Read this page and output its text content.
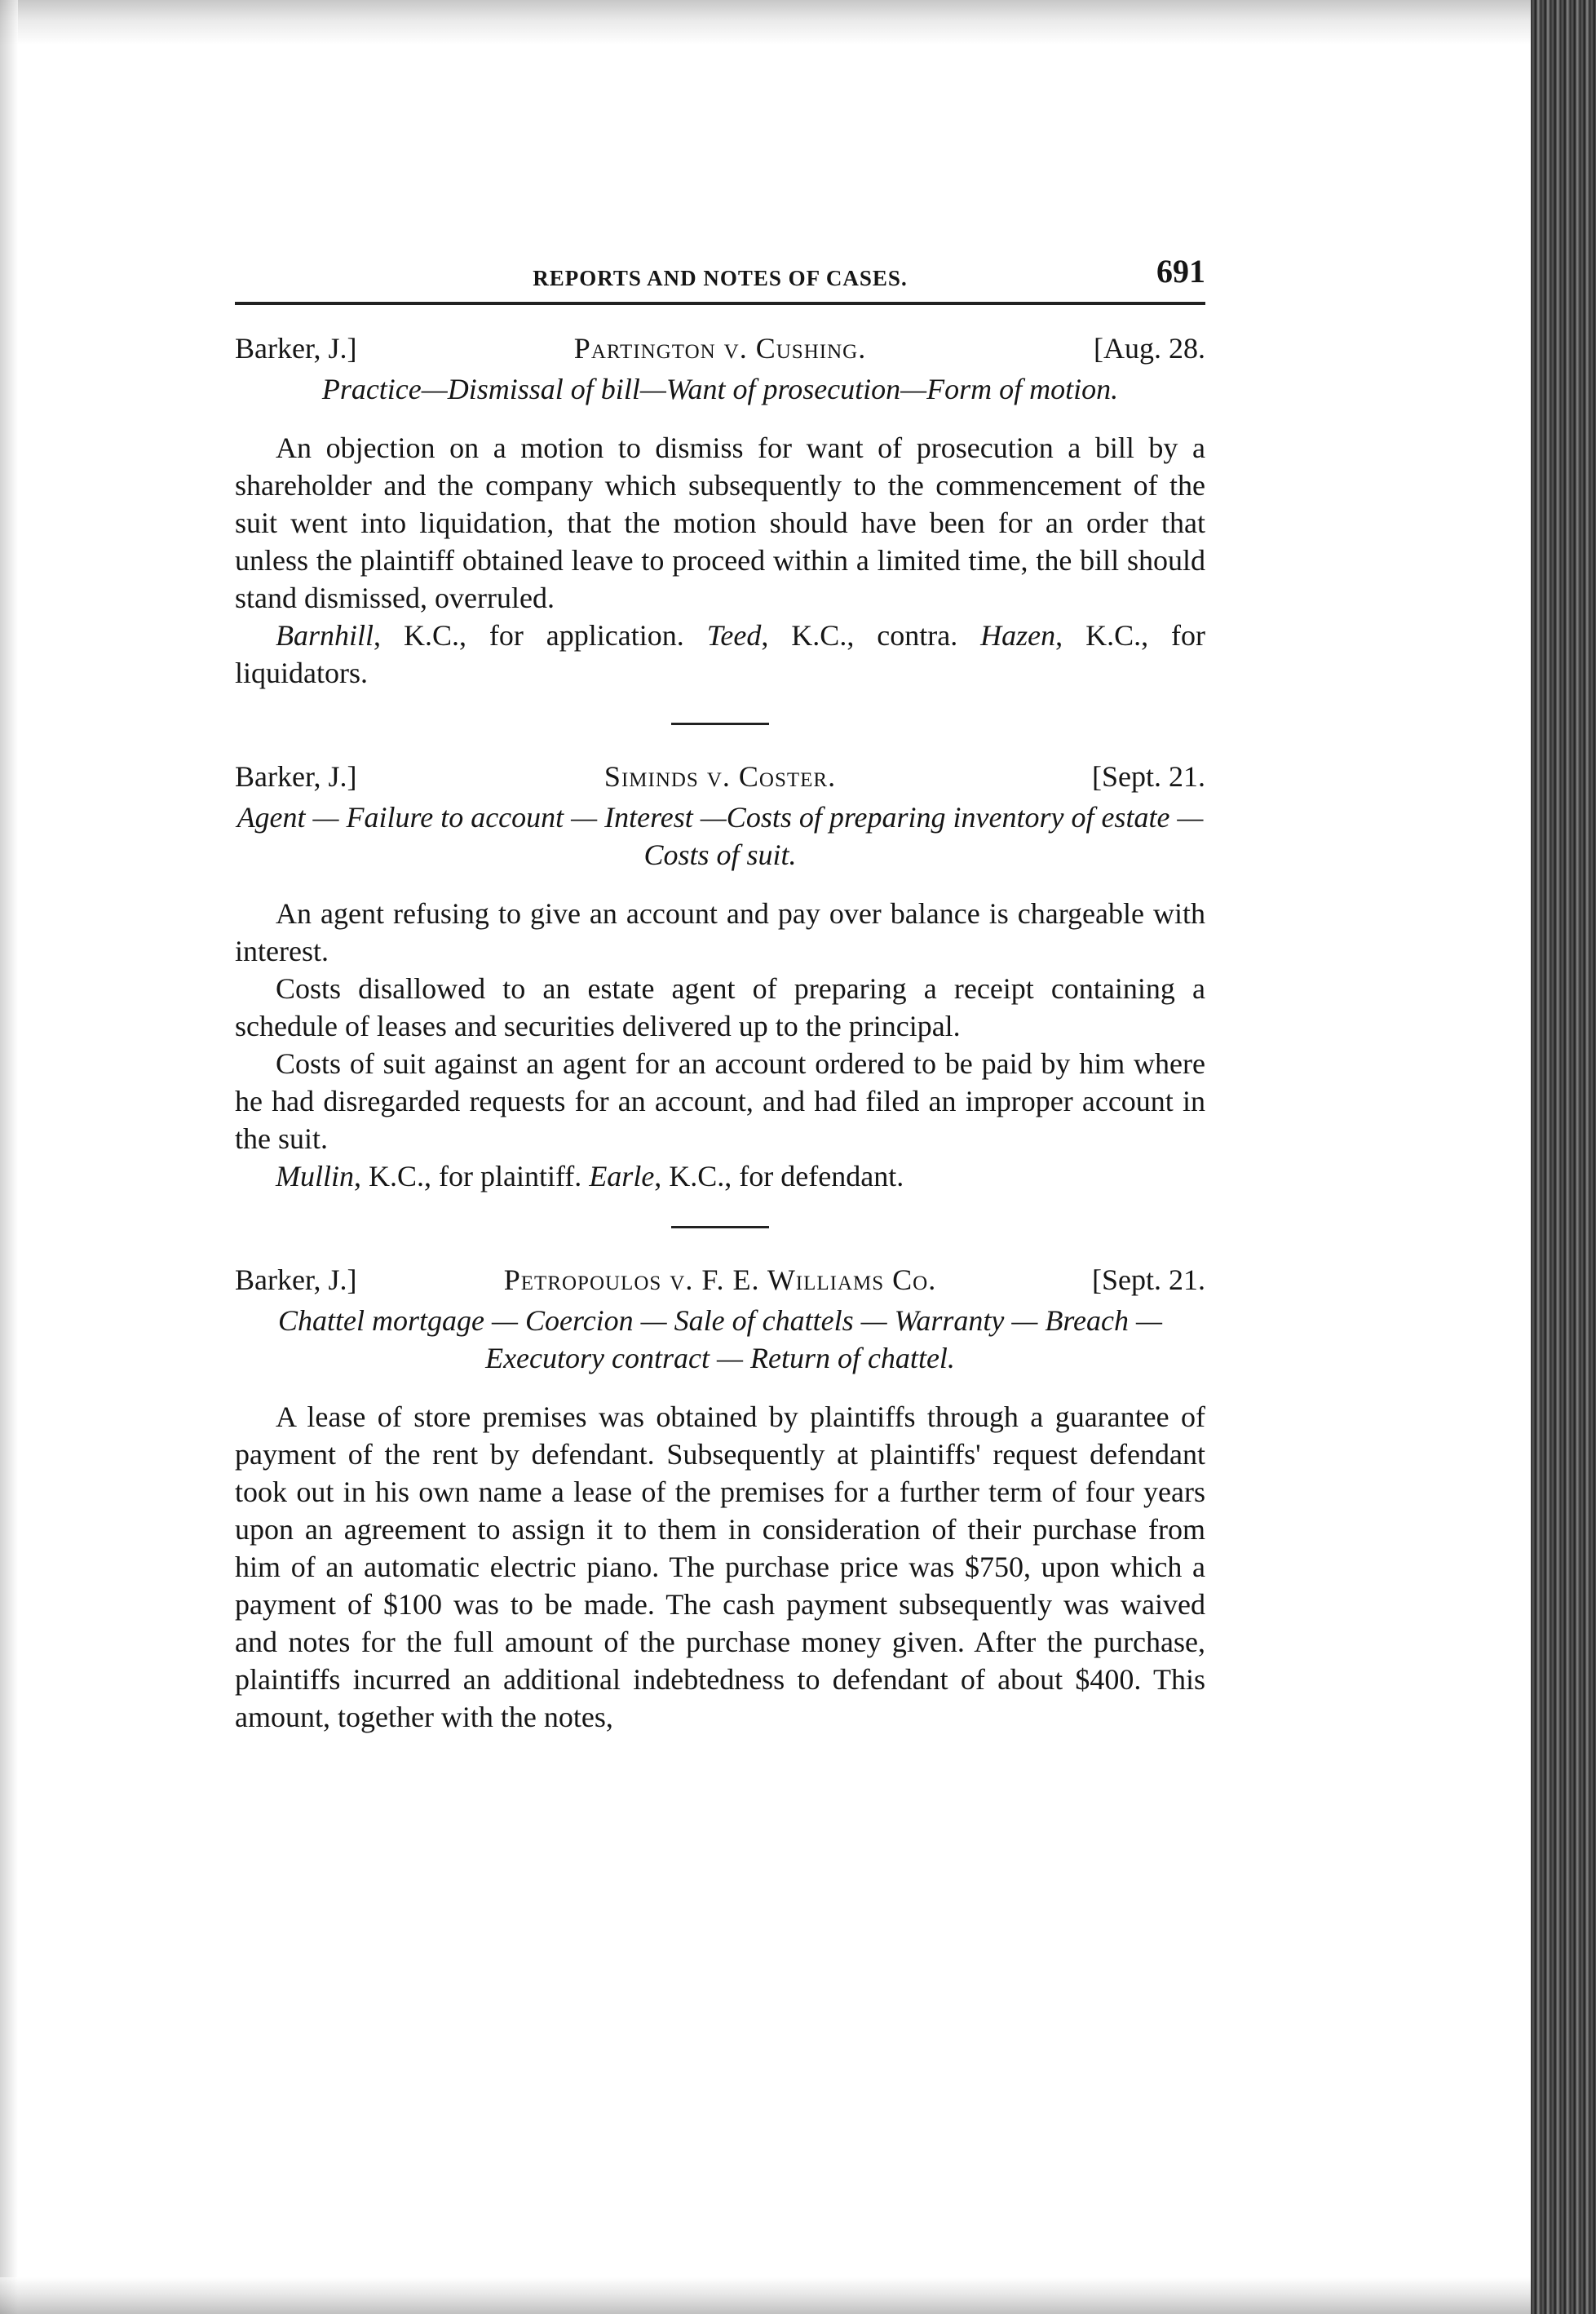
REPORTS AND NOTES OF CASES.	691
Barker, J.]	Partington v. Cushing.	[Aug. 28.

Practice—Dismissal of bill—Want of prosecution—Form of motion.

An objection on a motion to dismiss for want of prosecution a bill by a shareholder and the company which subsequently to the commencement of the suit went into liquidation, that the motion should have been for an order that unless the plaintiff obtained leave to proceed within a limited time, the bill should stand dismissed, overruled.

Barnhill, K.C., for application. Teed, K.C., contra. Hazen, K.C., for liquidators.

Barker, J.]	Siminds v. Coster.	[Sept. 21.

Agent — Failure to account — Interest —Costs of preparing inventory of estate — Costs of suit.

An agent refusing to give an account and pay over balance is chargeable with interest.

Costs disallowed to an estate agent of preparing a receipt containing a schedule of leases and securities delivered up to the principal.

Costs of suit against an agent for an account ordered to be paid by him where he had disregarded requests for an account, and had filed an improper account in the suit.

Mullin, K.C., for plaintiff. Earle, K.C., for defendant.

Barker, J.]	Petropoulos v. F. E. Williams Co.	[Sept. 21.

Chattel mortgage — Coercion — Sale of chattels — Warranty — Breach — Executory contract — Return of chattel.

A lease of store premises was obtained by plaintiffs through a guarantee of payment of the rent by defendant. Subsequently at plaintiffs' request defendant took out in his own name a lease of the premises for a further term of four years upon an agreement to assign it to them in consideration of their purchase from him of an automatic electric piano. The purchase price was $750, upon which a payment of $100 was to be made. The cash payment subsequently was waived and notes for the full amount of the purchase money given. After the purchase, plaintiffs incurred an additional indebtedness to defendant of about $400. This amount, together with the notes,
